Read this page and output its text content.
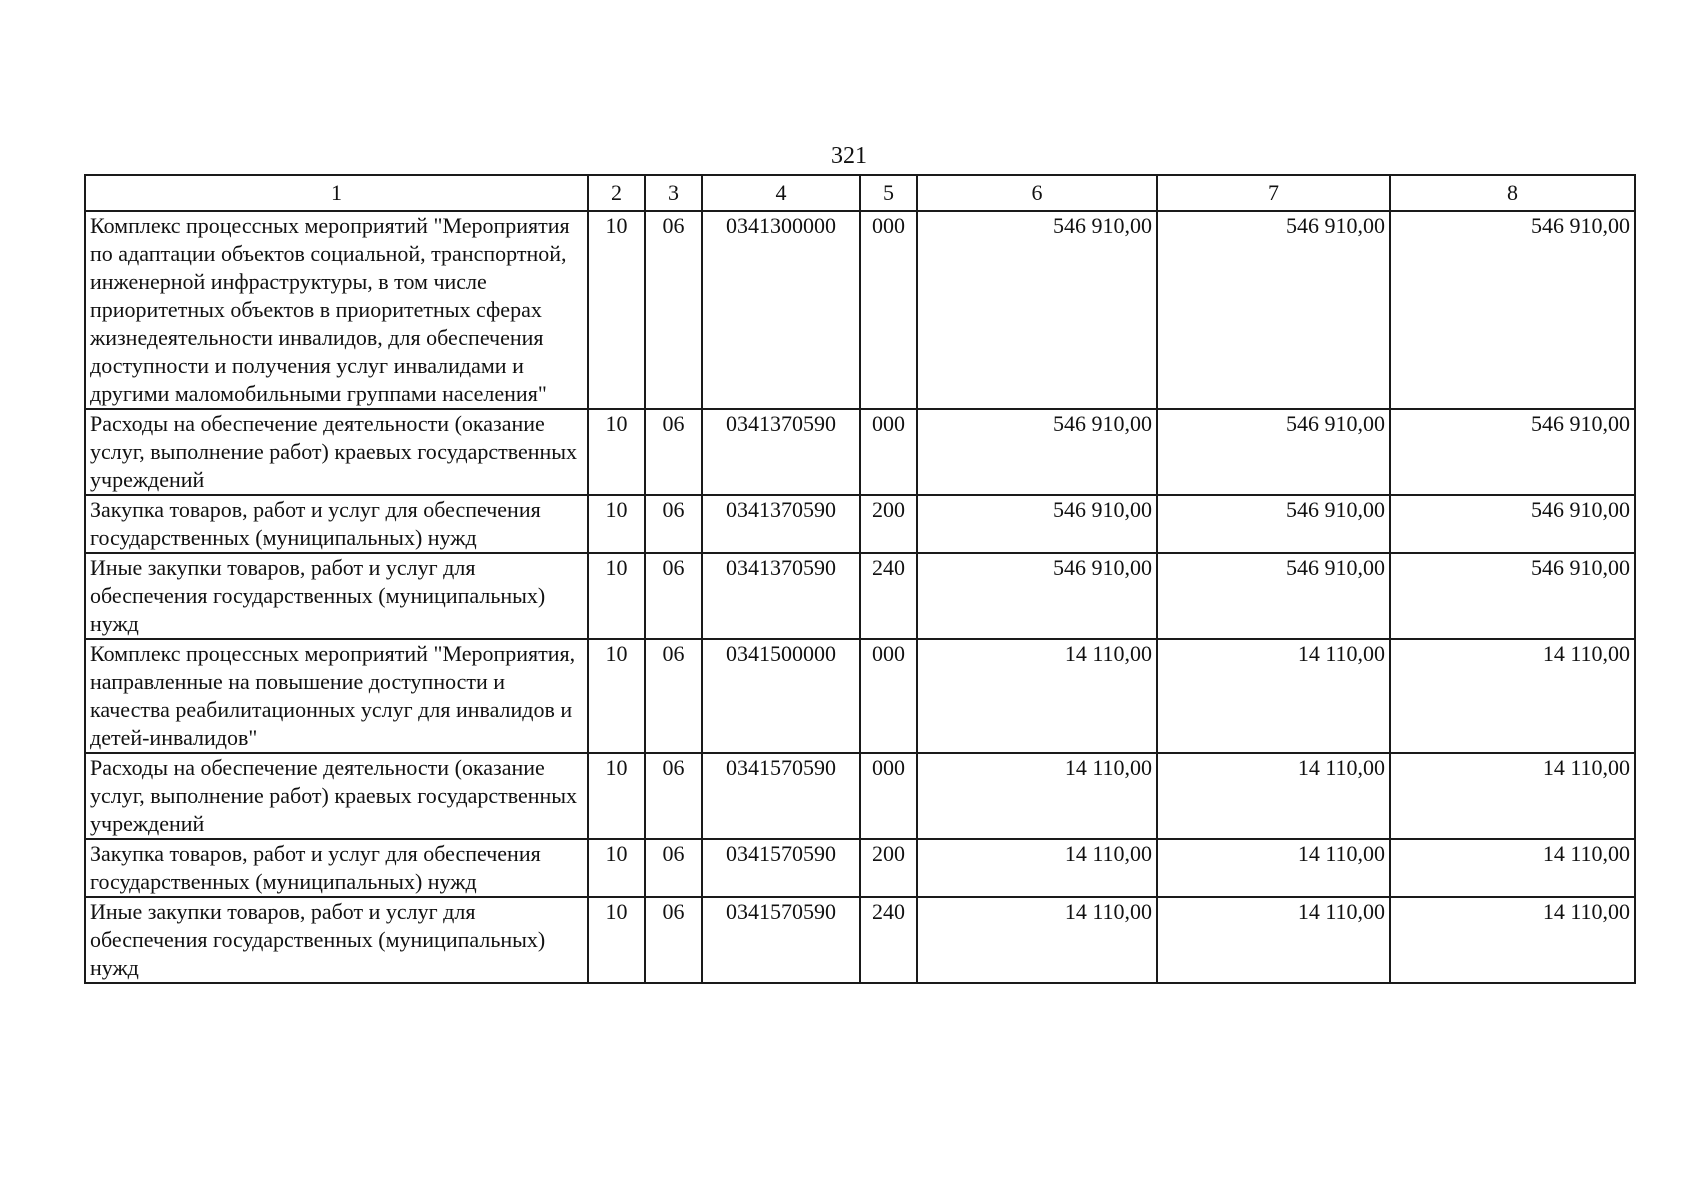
321
1	2	3	4	5	6	7	8
Комплекс процессных мероприятий "Мероприятия по адаптации объектов социальной, транспортной, инженерной инфраструктуры, в том числе приоритетных объектов в приоритетных сферах жизнедеятельности инвалидов, для обеспечения доступности и получения услуг инвалидами и другими маломобильными группами населения"	10	06	0341300000	000	546 910,00	546 910,00	546 910,00
Расходы на обеспечение деятельности (оказание услуг, выполнение работ) краевых государственных учреждений	10	06	0341370590	000	546 910,00	546 910,00	546 910,00
Закупка товаров, работ и услуг для обеспечения государственных (муниципальных) нужд	10	06	0341370590	200	546 910,00	546 910,00	546 910,00
Иные закупки товаров, работ и услуг для обеспечения государственных (муниципальных) нужд	10	06	0341370590	240	546 910,00	546 910,00	546 910,00
Комплекс процессных мероприятий "Мероприятия, направленные на повышение доступности и качества реабилитационных услуг для инвалидов и детей-инвалидов"	10	06	0341500000	000	14 110,00	14 110,00	14 110,00
Расходы на обеспечение деятельности (оказание услуг, выполнение работ) краевых государственных учреждений	10	06	0341570590	000	14 110,00	14 110,00	14 110,00
Закупка товаров, работ и услуг для обеспечения государственных (муниципальных) нужд	10	06	0341570590	200	14 110,00	14 110,00	14 110,00
Иные закупки товаров, работ и услуг для обеспечения государственных (муниципальных) нужд	10	06	0341570590	240	14 110,00	14 110,00	14 110,00
